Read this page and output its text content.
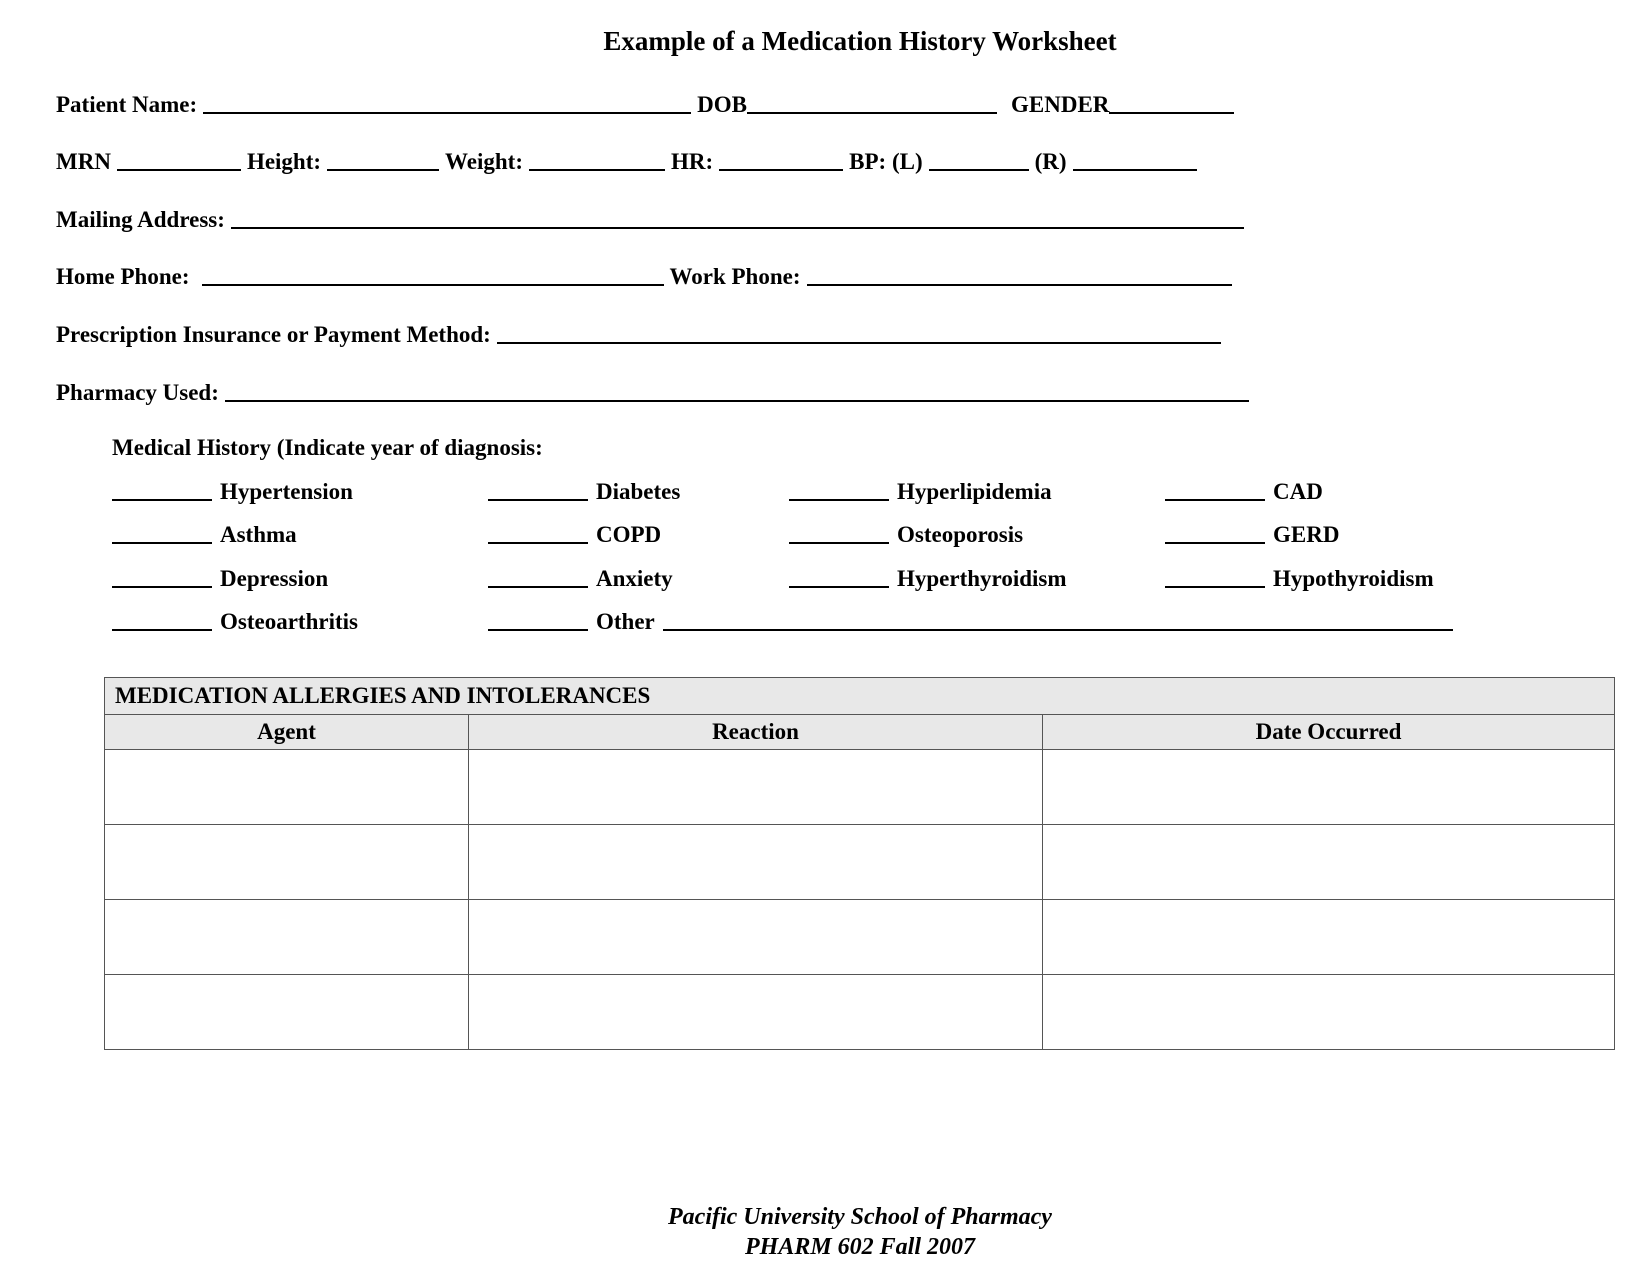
Example of a Medication History Worksheet
Patient Name:	DOB	GENDER
MRN	Height:	Weight:	HR:	BP: (L)	(R)
Mailing Address:
Home Phone:	Work Phone:
Prescription Insurance or Payment Method:
Pharmacy Used:
Medical History (Indicate year of diagnosis:
Hypertension	Diabetes	Hyperlipidemia	CAD
Asthma	COPD	Osteoporosis	GERD
Depression	Anxiety	Hyperthyroidism	Hypothyroidism
Osteoarthritis	Other
MEDICATION ALLERGIES AND INTOLERANCES		
Agent	Reaction	Date Occurred

Pacific University School of Pharmacy
PHARM 602 Fall 2007
